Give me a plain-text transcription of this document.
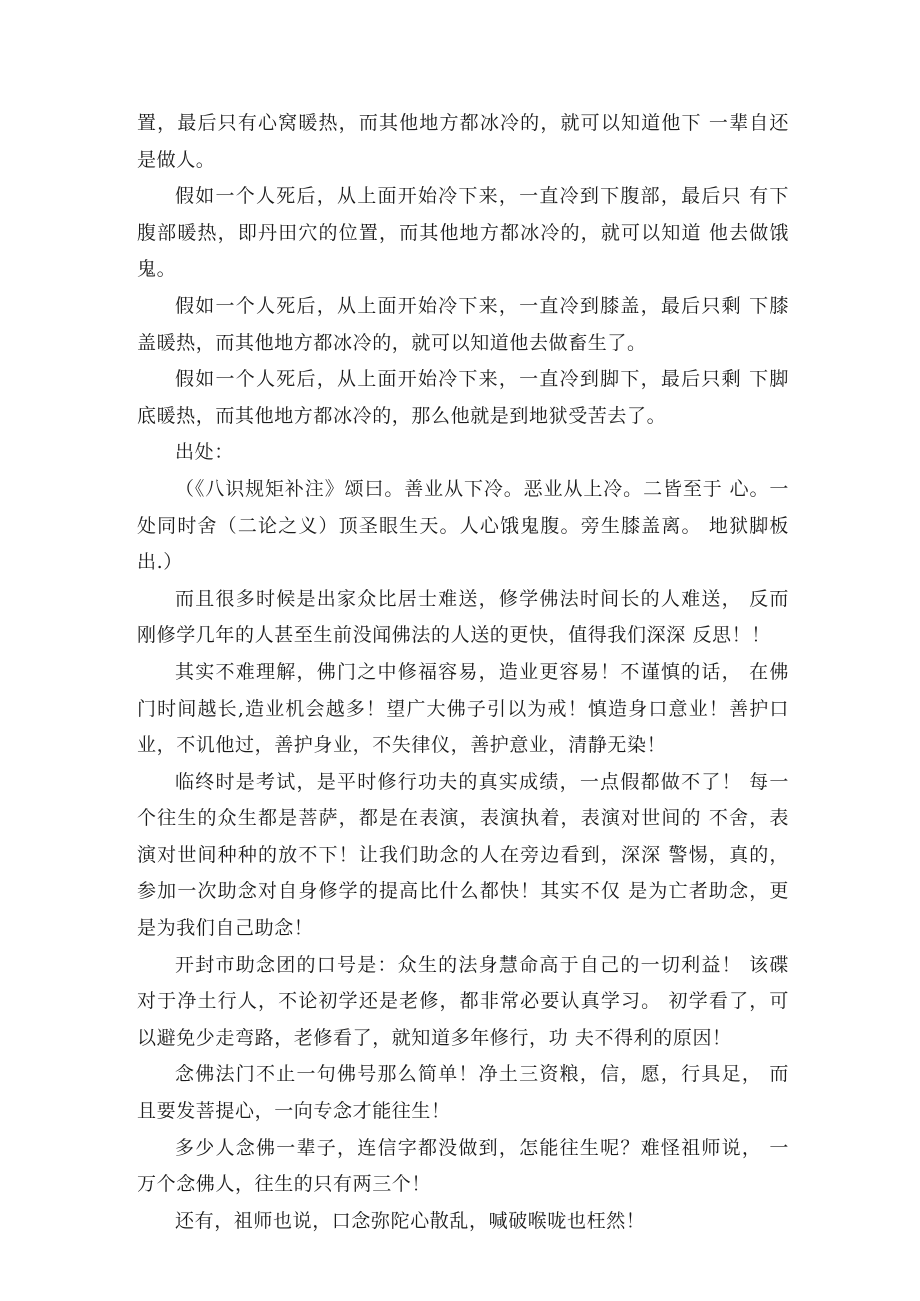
置，最后只有心窝暖热，而其他地方都冰冷的，就可以知道他下 一辈自还是做人。

假如一个人死后，从上面开始冷下来，一直冷到下腹部，最后只 有下腹部暖热，即丹田穴的位置，而其他地方都冰冷的，就可以知道 他去做饿鬼。

假如一个人死后，从上面开始冷下来，一直冷到膝盖，最后只剩 下膝盖暖热，而其他地方都冰冷的，就可以知道他去做畜生了。

假如一个人死后，从上面开始冷下来，一直冷到脚下，最后只剩 下脚底暖热，而其他地方都冰冷的，那么他就是到地狱受苦去了。

出处：

（《八识规矩补注》颂曰。善业从下冷。恶业从上冷。二皆至于 心。一处同时舍（二论之义）顶圣眼生天。人心饿鬼腹。旁生膝盖离。 地狱脚板出.）

而且很多时候是出家众比居士难送，修学佛法时间长的人难送， 反而刚修学几年的人甚至生前没闻佛法的人送的更快，值得我们深深 反思！！

其实不难理解，佛门之中修福容易，造业更容易！不谨慎的话， 在佛门时间越长,造业机会越多！望广大佛子引以为戒！慎造身口意业！善护口业，不讥他过，善护身业，不失律仪，善护意业，清静无染！

临终时是考试，是平时修行功夫的真实成绩，一点假都做不了！ 每一个往生的众生都是菩萨，都是在表演，表演执着，表演对世间的 不舍，表演对世间种种的放不下！让我们助念的人在旁边看到，深深 警惕，真的，参加一次助念对自身修学的提高比什么都快！其实不仅 是为亡者助念，更是为我们自己助念！

开封市助念团的口号是：众生的法身慧命高于自己的一切利益！ 该碟对于净土行人，不论初学还是老修，都非常必要认真学习。 初学看了，可以避免少走弯路，老修看了，就知道多年修行，功 夫不得利的原因！

念佛法门不止一句佛号那么简单！净土三资粮，信，愿，行具足， 而且要发菩提心，一向专念才能往生！

多少人念佛一辈子，连信字都没做到，怎能往生呢？难怪祖师说， 一万个念佛人，往生的只有两三个！

还有，祖师也说，口念弥陀心散乱，喊破喉咙也枉然！
